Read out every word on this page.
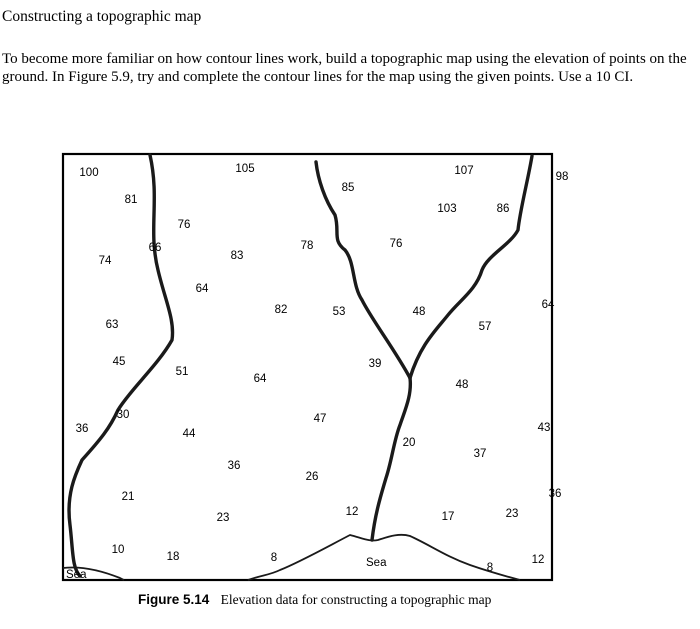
Constructing a topographic map

To become more familiar on how contour lines work, build a topographic map using the elevation of points on the ground. In Figure 5.9, try and complete the contour lines for the map using the given points. Use a 10 CI.

Sea
Sea
100
81
74
66
76
105
83
64
78
85
76
107
103	86
98
63
82	53	48
64
57
45
51
64
39
48
36
30
44
47
20
43
37
36
26
21	36
23	12	17	23
10
18	8
8
12
Figure 5.14 Elevation data for constructing a topographic map
